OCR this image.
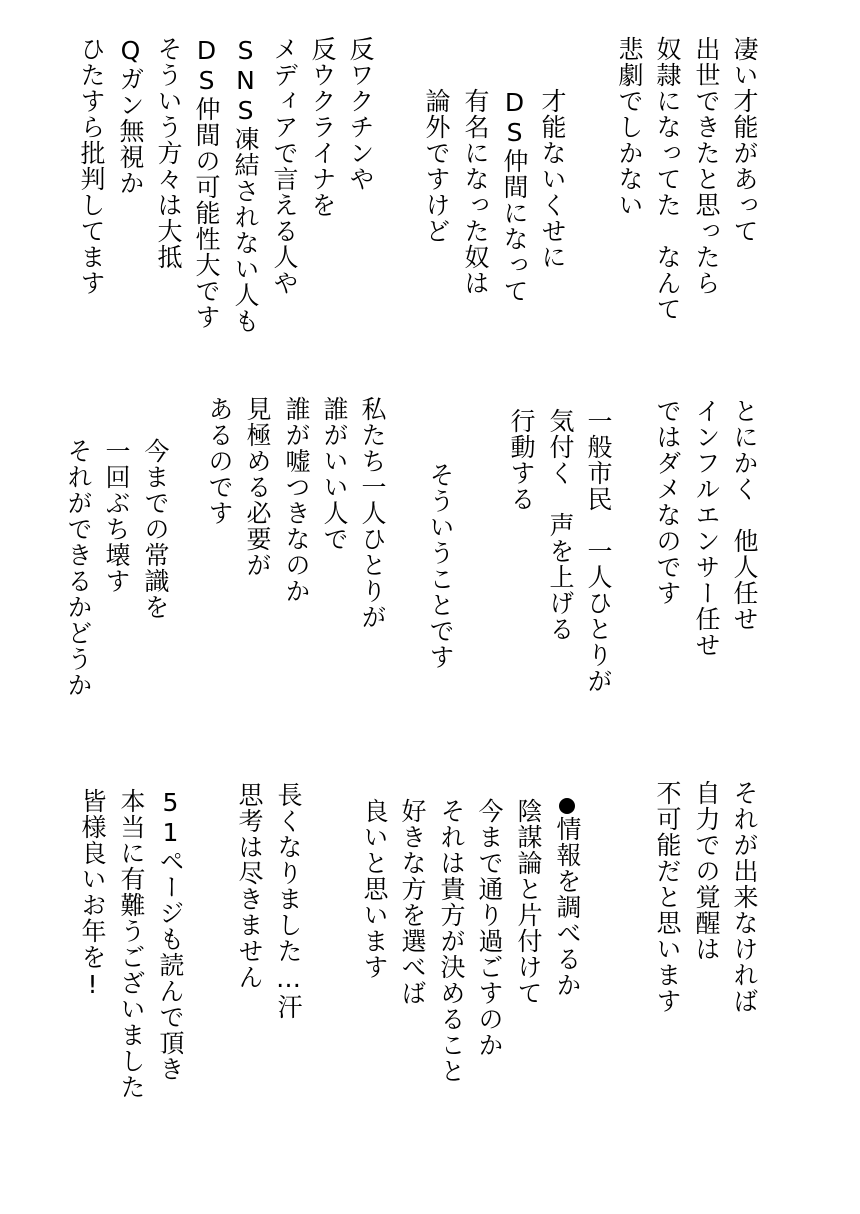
凄い才能があって
出世できたと思ったら
奴隷になってた　なんて
悲劇でしかない
才能ないくせに
DS仲間になって
有名になった奴は
論外ですけど
反ワクチンや
反ウクライナを
メディアで言える人や
SNS凍結されない人も
DS仲間の可能性大です
そういう方々は大抵
Qガン無視か
ひたすら批判してます
とにかく　他人任せ
インフルエンサー任せ
ではダメなのです
一般市民　一人ひとりが
気付く　声を上げる
行動する
そういうことです
私たち一人ひとりが
誰がいい人で
誰が嘘つきなのか
見極める必要が
あるのです
今までの常識を
一回ぶち壊す
それができるかどうか
それが出来なければ
自力での覚醒は
不可能だと思います
情報を調べるか
陰謀論と片付けて
今まで通り過ごすのか
それは貴方が決めること
好きな方を選べば
良いと思います
長くなりました…汗
思考は尽きません
51ページも読んで頂き
本当に有難うございました
皆様良いお年を!
